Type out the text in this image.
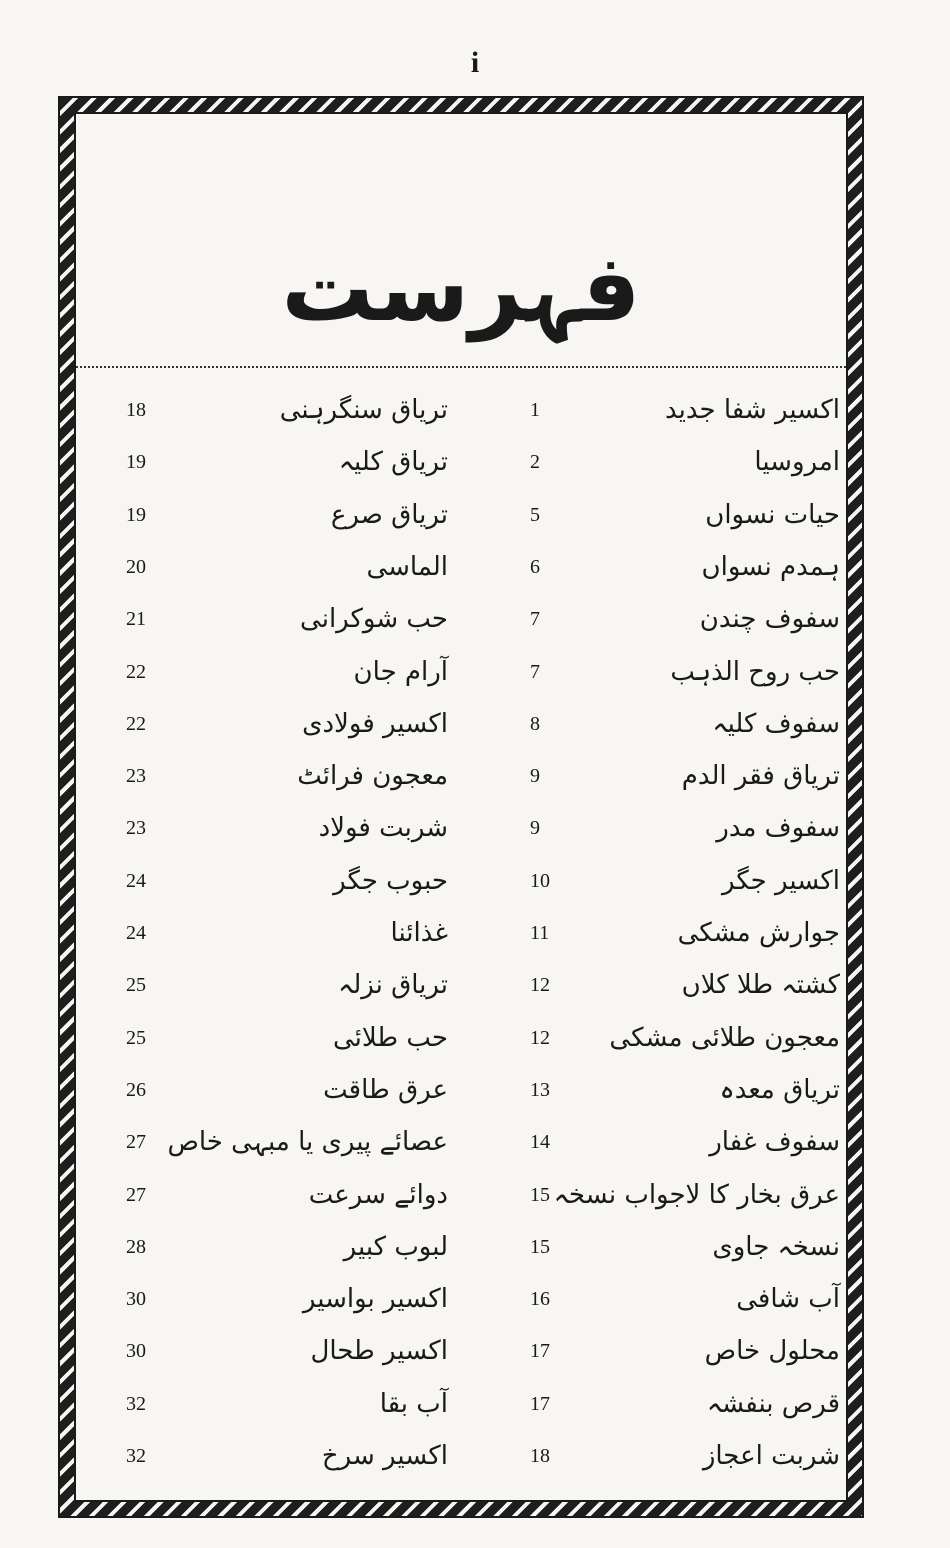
i
فہرست
اکسیر شفا جدید
1
تریاق سنگرہنی
18
امروسیا
2
تریاق کلیہ
19
حیات نسواں
5
تریاق صرع
19
ہمدم نسواں
6
الماسی
20
سفوف چندن
7
حب شوکرانی
21
حب روح الذہب
7
آرام جان
22
سفوف کلیہ
8
اکسیر فولادی
22
تریاق فقر الدم
9
معجون فرائٹ
23
سفوف مدر
9
شربت فولاد
23
اکسیر جگر
10
حبوب جگر
24
جوارش مشکی
11
غذائنا
24
کشتہ طلا کلاں
12
تریاق نزلہ
25
معجون طلائی مشکی
12
حب طلائی
25
تریاق معدہ
13
عرق طاقت
26
سفوف غفار
14
عصائے پیری یا مبہی خاص
27
عرق بخار کا لاجواب نسخہ
15
دوائے سرعت
27
نسخہ جاوی
15
لبوب کبیر
28
آب شافی
16
اکسیر بواسیر
30
محلول خاص
17
اکسیر طحال
30
قرص بنفشہ
17
آب بقا
32
شربت اعجاز
18
اکسیر سرخ
32
